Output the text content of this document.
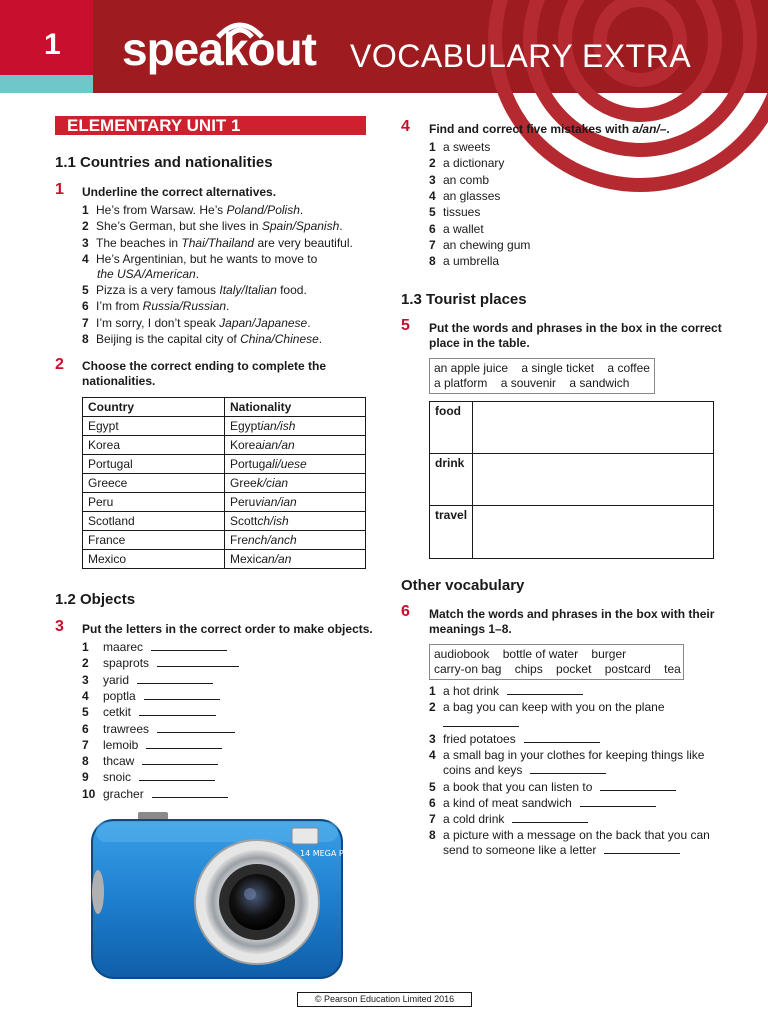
1 speakout VOCABULARY EXTRA
ELEMENTARY UNIT 1
1.1 Countries and nationalities
1 Underline the correct alternatives.
1 He’s from Warsaw. He’s Poland/Polish.
2 She’s German, but she lives in Spain/Spanish.
3 The beaches in Thai/Thailand are very beautiful.
4 He’s Argentinian, but he wants to move to
the USA/American.
5 Pizza is a very famous Italy/Italian food.
6 I’m from Russia/Russian.
7 I’m sorry, I don’t speak Japan/Japanese.
8 Beijing is the capital city of China/Chinese.
2 Choose the correct ending to complete the
nationalities.
Country	Nationality
Egypt	Egyptian/ish
Korea	Koreaian/an
Portugal	Portugali/uese
Greece	Greek/cian
Peru	Peruvian/ian
Scotland	Scottch/ish
France	French/anch
Mexico	Mexican/an
1.2 Objects
3 Put the letters in the correct order to make objects.
1 maarec
2 spaprots
3 yarid
4 poptla
5 cetkit
6 trawrees
7 lemoib
8 thcaw
9 snoic
10 gracher
14 MEGA PIXELS
4 Find and correct five mistakes with a/an/–.
1 a sweets
2 a dictionary
3 an comb
4 an glasses
5 tissues
6 a wallet
7 an chewing gum
8 a umbrella
1.3 Tourist places
5 Put the words and phrases in the box in the correct
place in the table.
an apple juice    a single ticket    a coffee
a platform    a souvenir    a sandwich
food
drink
travel
Other vocabulary
6 Match the words and phrases in the box with their
meanings 1–8.
audiobook    bottle of water    burger
carry-on bag    chips    pocket    postcard    tea
1 a hot drink
2 a bag you can keep with you on the plane
3 fried potatoes
4 a small bag in your clothes for keeping things like
coins and keys
5 a book that you can listen to
6 a kind of meat sandwich
7 a cold drink
8 a picture with a message on the back that you can
send to someone like a letter
© Pearson Education Limited 2016
